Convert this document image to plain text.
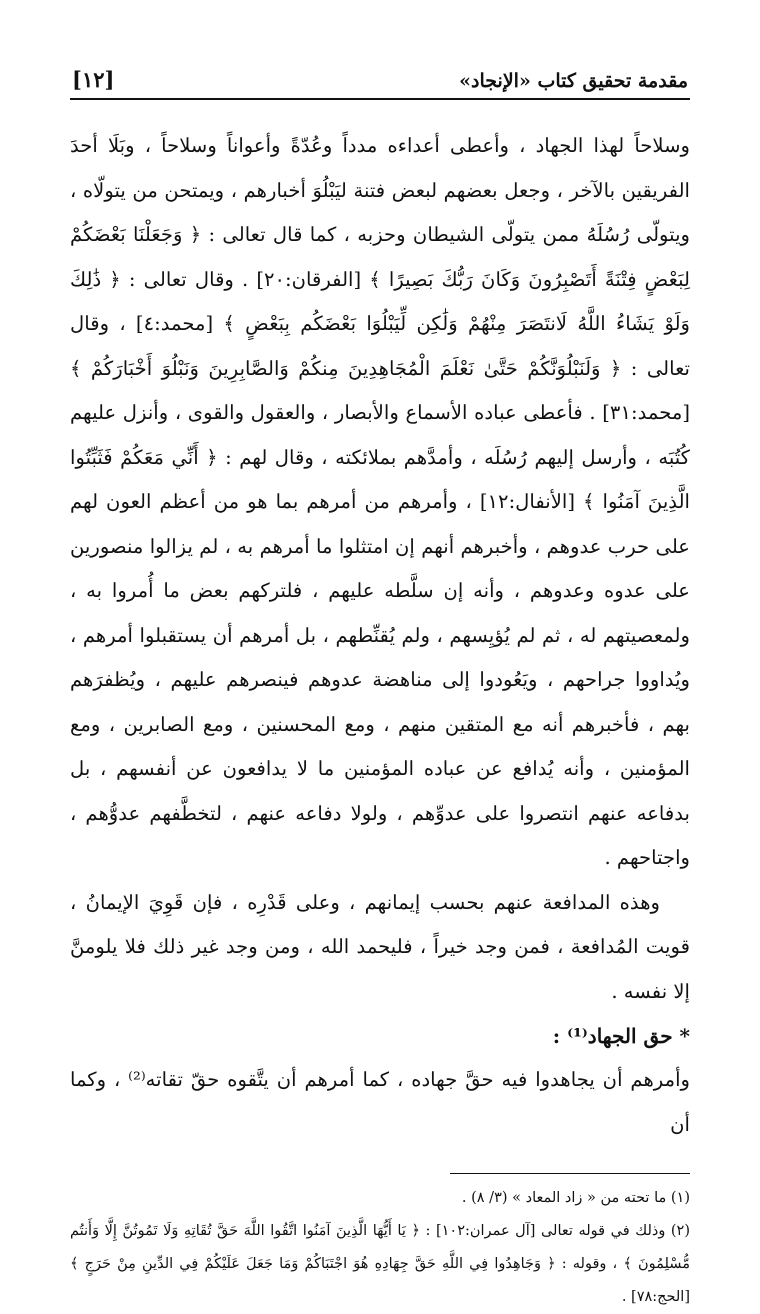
مقدمة تحقيق كتاب «الإنجاد»
[١٢]

وسلاحاً لهذا الجهاد ، وأعطى أعداءه مدداً وعُدّةً وأعواناً وسلاحاً ، وبَلَا أحدَ الفريقين بالآخر ، وجعل بعضهم لبعض فتنة ليَبْلُوَ أخبارهم ، ويمتحن من يتولّاه ، ويتولّى رُسُلَهُ ممن يتولّى الشيطان وحزبه ، كما قال تعالى : ﴿ وَجَعَلْنَا بَعْضَكُمْ لِبَعْضٍ فِتْنَةً أَتَصْبِرُونَ وَكَانَ رَبُّكَ بَصِيرًا ﴾ [الفرقان:٢٠] . وقال تعالى : ﴿ ذَٰلِكَ وَلَوْ يَشَاءُ اللَّهُ لَانتَصَرَ مِنْهُمْ وَلَٰكِن لِّيَبْلُوَا بَعْضَكُم بِبَعْضٍ ﴾ [محمد:٤] ، وقال تعالى : ﴿ وَلَنَبْلُوَنَّكُمْ حَتَّىٰ نَعْلَمَ الْمُجَاهِدِينَ مِنكُمْ وَالصَّابِرِينَ وَنَبْلُوَ أَخْبَارَكُمْ ﴾ [محمد:٣١] . فأعطى عباده الأسماع والأبصار ، والعقول والقوى ، وأنزل عليهم كُتُبَه ، وأرسل إليهم رُسُلَه ، وأمدَّهم بملائكته ، وقال لهم : ﴿ أَنِّي مَعَكُمْ فَثَبِّتُوا الَّذِينَ آمَنُوا ﴾ [الأنفال:١٢] ، وأمرهم من أمرهم بما هو من أعظم العون لهم على حرب عدوهم ، وأخبرهم أنهم إن امتثلوا ما أمرهم به ، لم يزالوا منصورين على عدوه وعدوهم ، وأنه إن سلَّطه عليهم ، فلتركهم بعض ما أُمروا به ، ولمعصيتهم له ، ثم لم يُؤيِسهم ، ولم يُقنِّطهم ، بل أمرهم أن يستقبلوا أمرهم ، ويُداووا جراحهم ، ويَعُودوا إلى مناهضة عدوهم فينصرهم عليهم ، ويُظفرَهم بهم ، فأخبرهم أنه مع المتقين منهم ، ومع المحسنين ، ومع الصابرين ، ومع المؤمنين ، وأنه يُدافع عن عباده المؤمنين ما لا يدافعون عن أنفسهم ، بل بدفاعه عنهم انتصروا على عدوِّهم ، ولولا دفاعه عنهم ، لتخطَّفهم عدوُّهم ، واجتاحهم .

وهذه المدافعة عنهم بحسب إيمانهم ، وعلى قَدْرِه ، فإن قَوِيَ الإيمانُ ، قويت المُدافعة ، فمن وجد خيراً ، فليحمد الله ، ومن وجد غير ذلك فلا يلومنَّ إلا نفسه .

* حق الجهاد⁽¹⁾ :

وأمرهم أن يجاهدوا فيه حقَّ جهاده ، كما أمرهم أن يتَّقوه حقّ تقاته⁽²⁾ ، وكما أن

(١) ما تحته من « زاد المعاد » (٣/ ٨) .

(٢) وذلك في قوله تعالى [آل عمران:١٠٢] : ﴿ يَا أَيُّهَا الَّذِينَ آمَنُوا اتَّقُوا اللَّهَ حَقَّ تُقَاتِهِ وَلَا تَمُوتُنَّ إِلَّا وَأَنتُم مُّسْلِمُونَ ﴾ ، وقوله : ﴿ وَجَاهِدُوا فِي اللَّهِ حَقَّ جِهَادِهِ هُوَ اجْتَبَاكُمْ وَمَا جَعَلَ عَلَيْكُمْ فِي الدِّينِ مِنْ حَرَجٍ ﴾ [الحج:٧٨] .
